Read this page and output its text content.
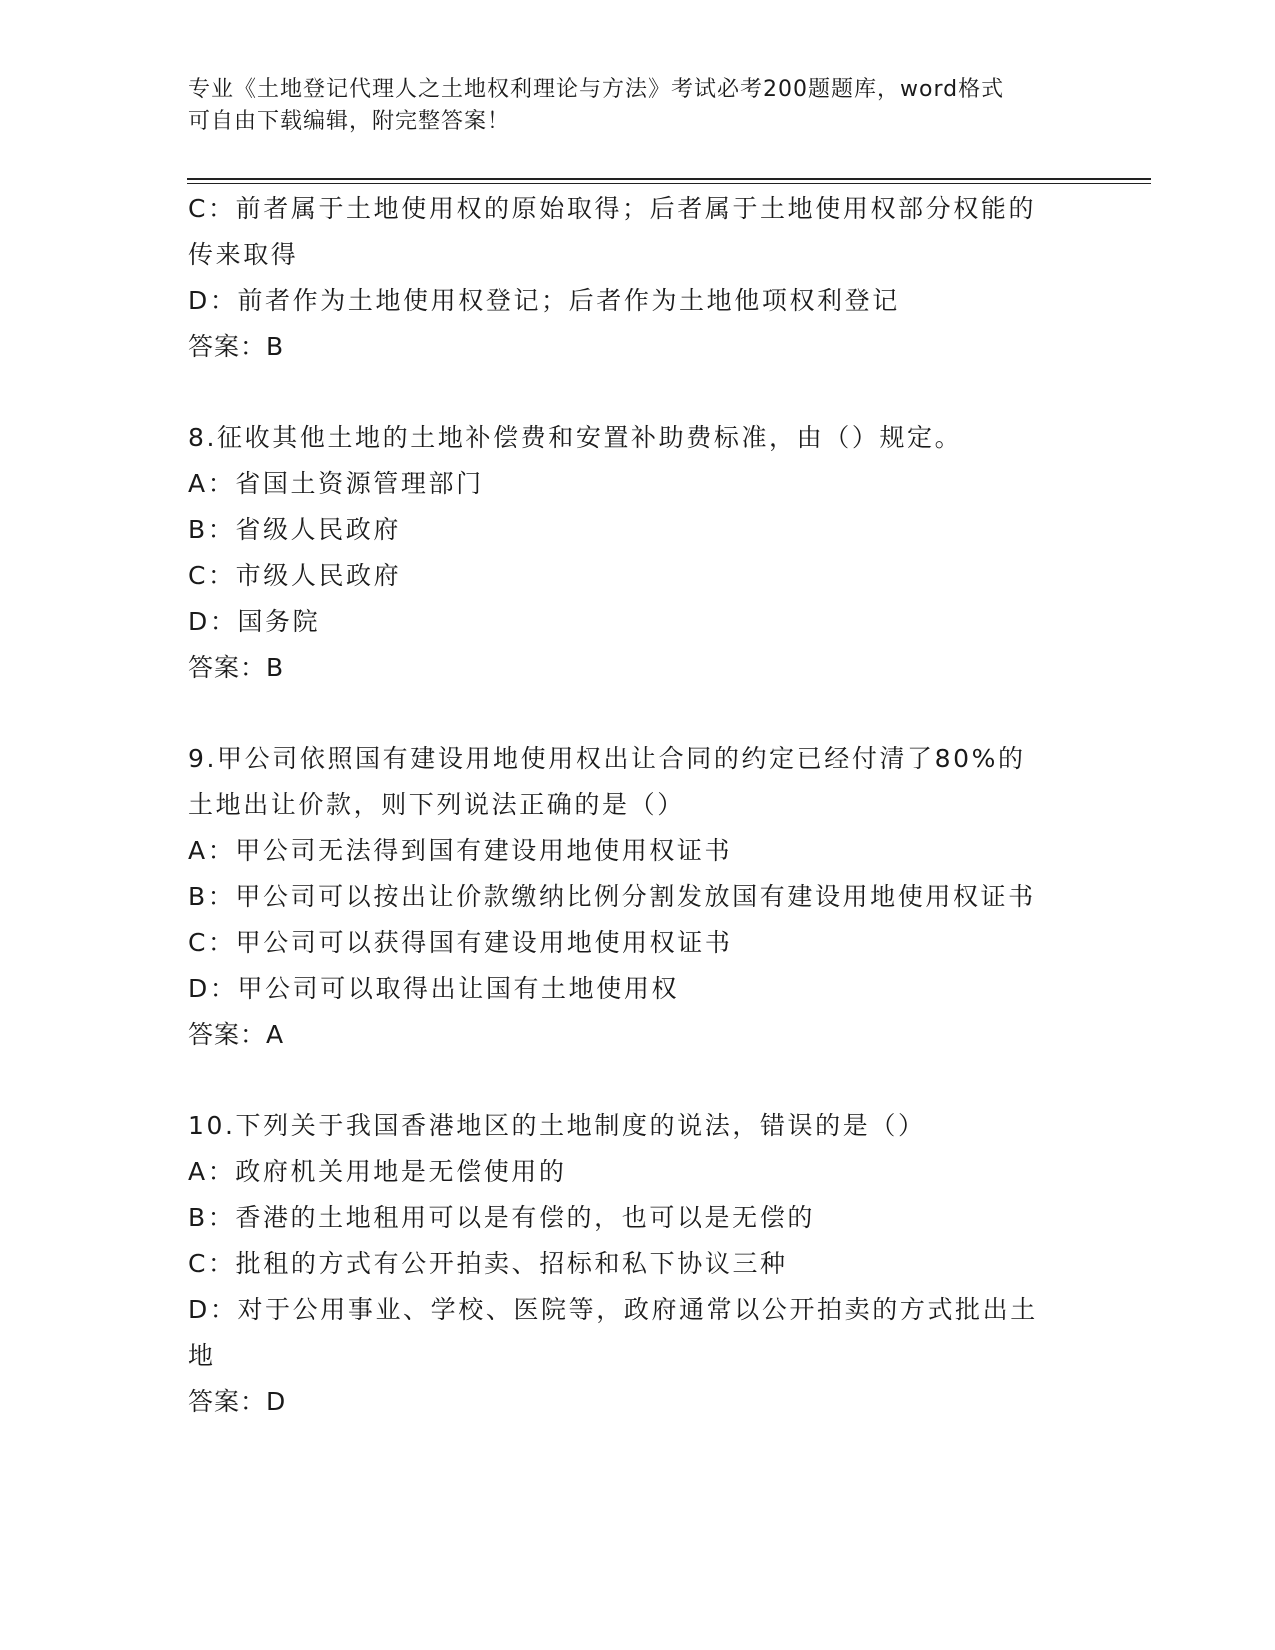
专业《土地登记代理人之土地权利理论与方法》考试必考200题题库，word格式
可自由下载编辑，附完整答案！
C：前者属于土地使用权的原始取得；后者属于土地使用权部分权能的
传来取得
D：前者作为土地使用权登记；后者作为土地他项权利登记
答案：B
8.征收其他土地的土地补偿费和安置补助费标准，由（）规定。
A：省国土资源管理部门
B：省级人民政府
C：市级人民政府
D：国务院
答案：B
9.甲公司依照国有建设用地使用权出让合同的约定已经付清了80%的
土地出让价款，则下列说法正确的是（）
A：甲公司无法得到国有建设用地使用权证书
B：甲公司可以按出让价款缴纳比例分割发放国有建设用地使用权证书
C：甲公司可以获得国有建设用地使用权证书
D：甲公司可以取得出让国有土地使用权
答案：A
10.下列关于我国香港地区的土地制度的说法，错误的是（）
A：政府机关用地是无偿使用的
B：香港的土地租用可以是有偿的，也可以是无偿的
C：批租的方式有公开拍卖、招标和私下协议三种
D：对于公用事业、学校、医院等，政府通常以公开拍卖的方式批出土
地
答案：D
